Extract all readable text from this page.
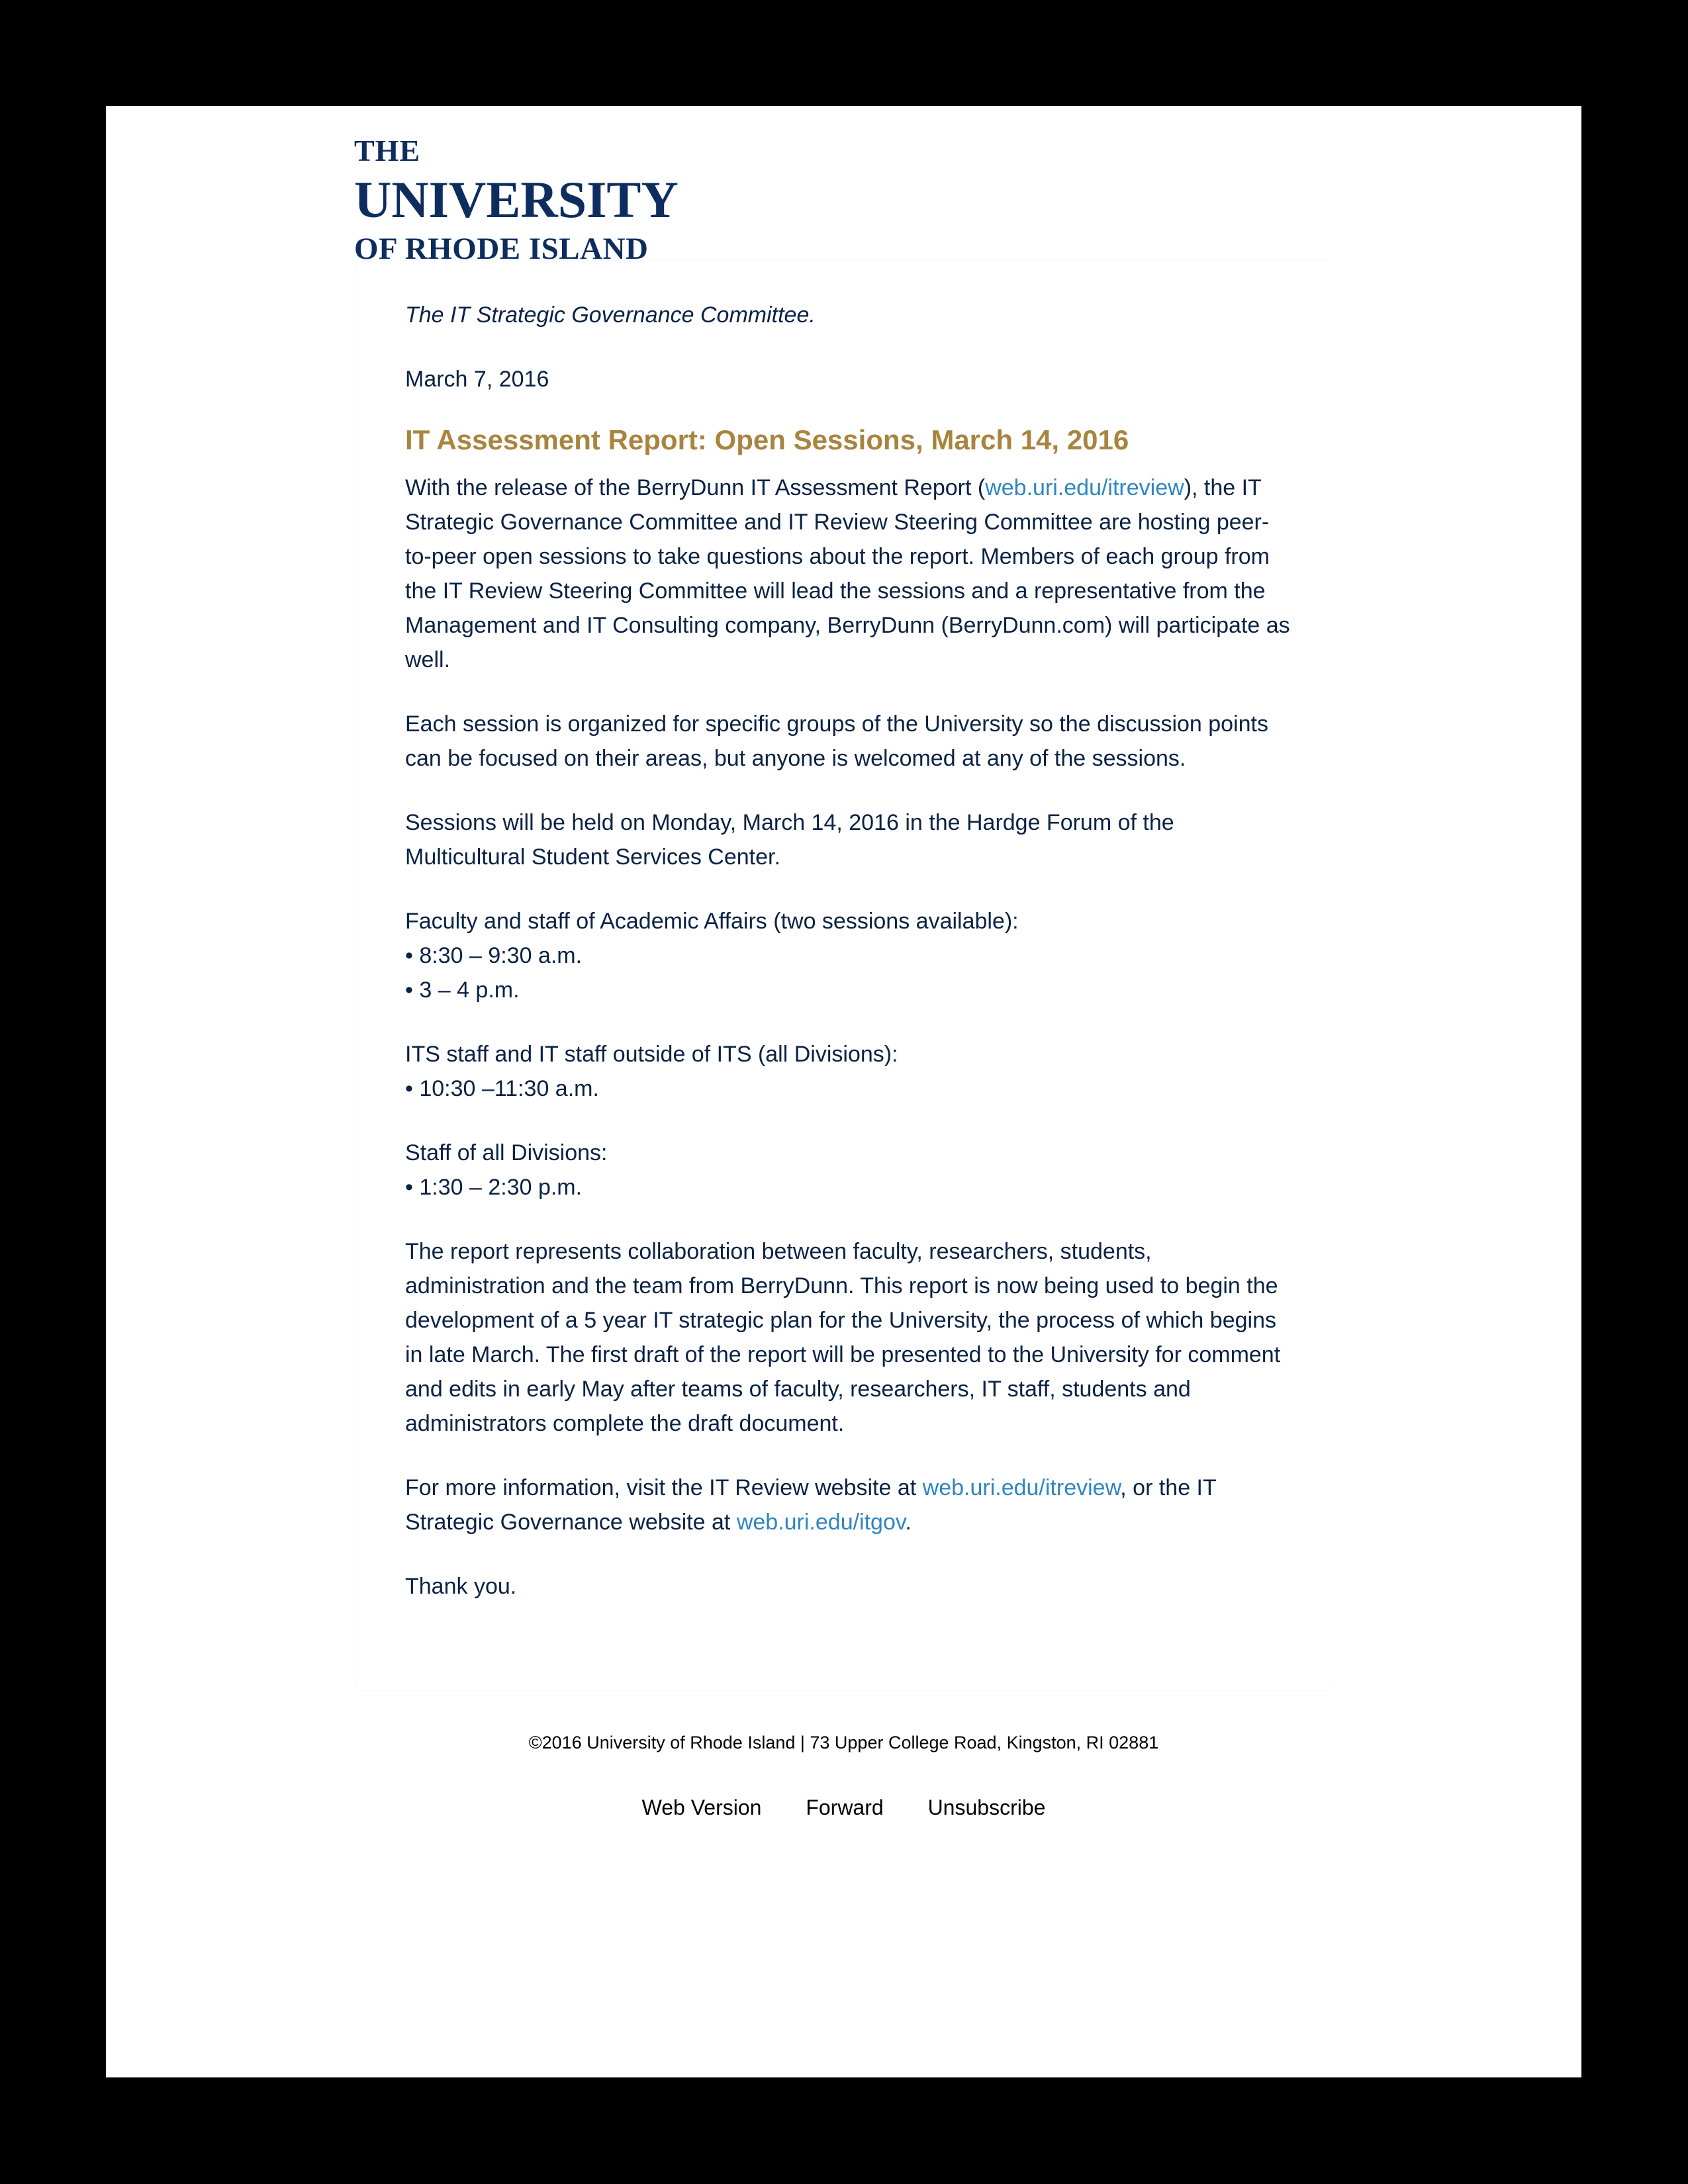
THE
UNIVERSITY
OF RHODE ISLAND

The IT Strategic Governance Committee.

March 7, 2016

IT Assessment Report: Open Sessions, March 14, 2016

With the release of the BerryDunn IT Assessment Report (web.uri.edu/itreview), the IT Strategic Governance Committee and IT Review Steering Committee are hosting peer-to-peer open sessions to take questions about the report. Members of each group from the IT Review Steering Committee will lead the sessions and a representative from the Management and IT Consulting company, BerryDunn (BerryDunn.com) will participate as well.

Each session is organized for specific groups of the University so the discussion points can be focused on their areas, but anyone is welcomed at any of the sessions.

Sessions will be held on Monday, March 14, 2016 in the Hardge Forum of the Multicultural Student Services Center.

Faculty and staff of Academic Affairs (two sessions available):

• 8:30 – 9:30 a.m.

• 3 – 4 p.m.

ITS staff and IT staff outside of ITS (all Divisions):

• 10:30 –11:30 a.m.

Staff of all Divisions:

• 1:30 – 2:30 p.m.

The report represents collaboration between faculty, researchers, students, administration and the team from BerryDunn. This report is now being used to begin the development of a 5 year IT strategic plan for the University, the process of which begins in late March. The first draft of the report will be presented to the University for comment and edits in early May after teams of faculty, researchers, IT staff, students and administrators complete the draft document.

For more information, visit the IT Review website at web.uri.edu/itreview, or the IT Strategic Governance website at web.uri.edu/itgov.

Thank you.

©2016 University of Rhode Island | 73 Upper College Road, Kingston, RI 02881
Web Version Forward Unsubscribe
